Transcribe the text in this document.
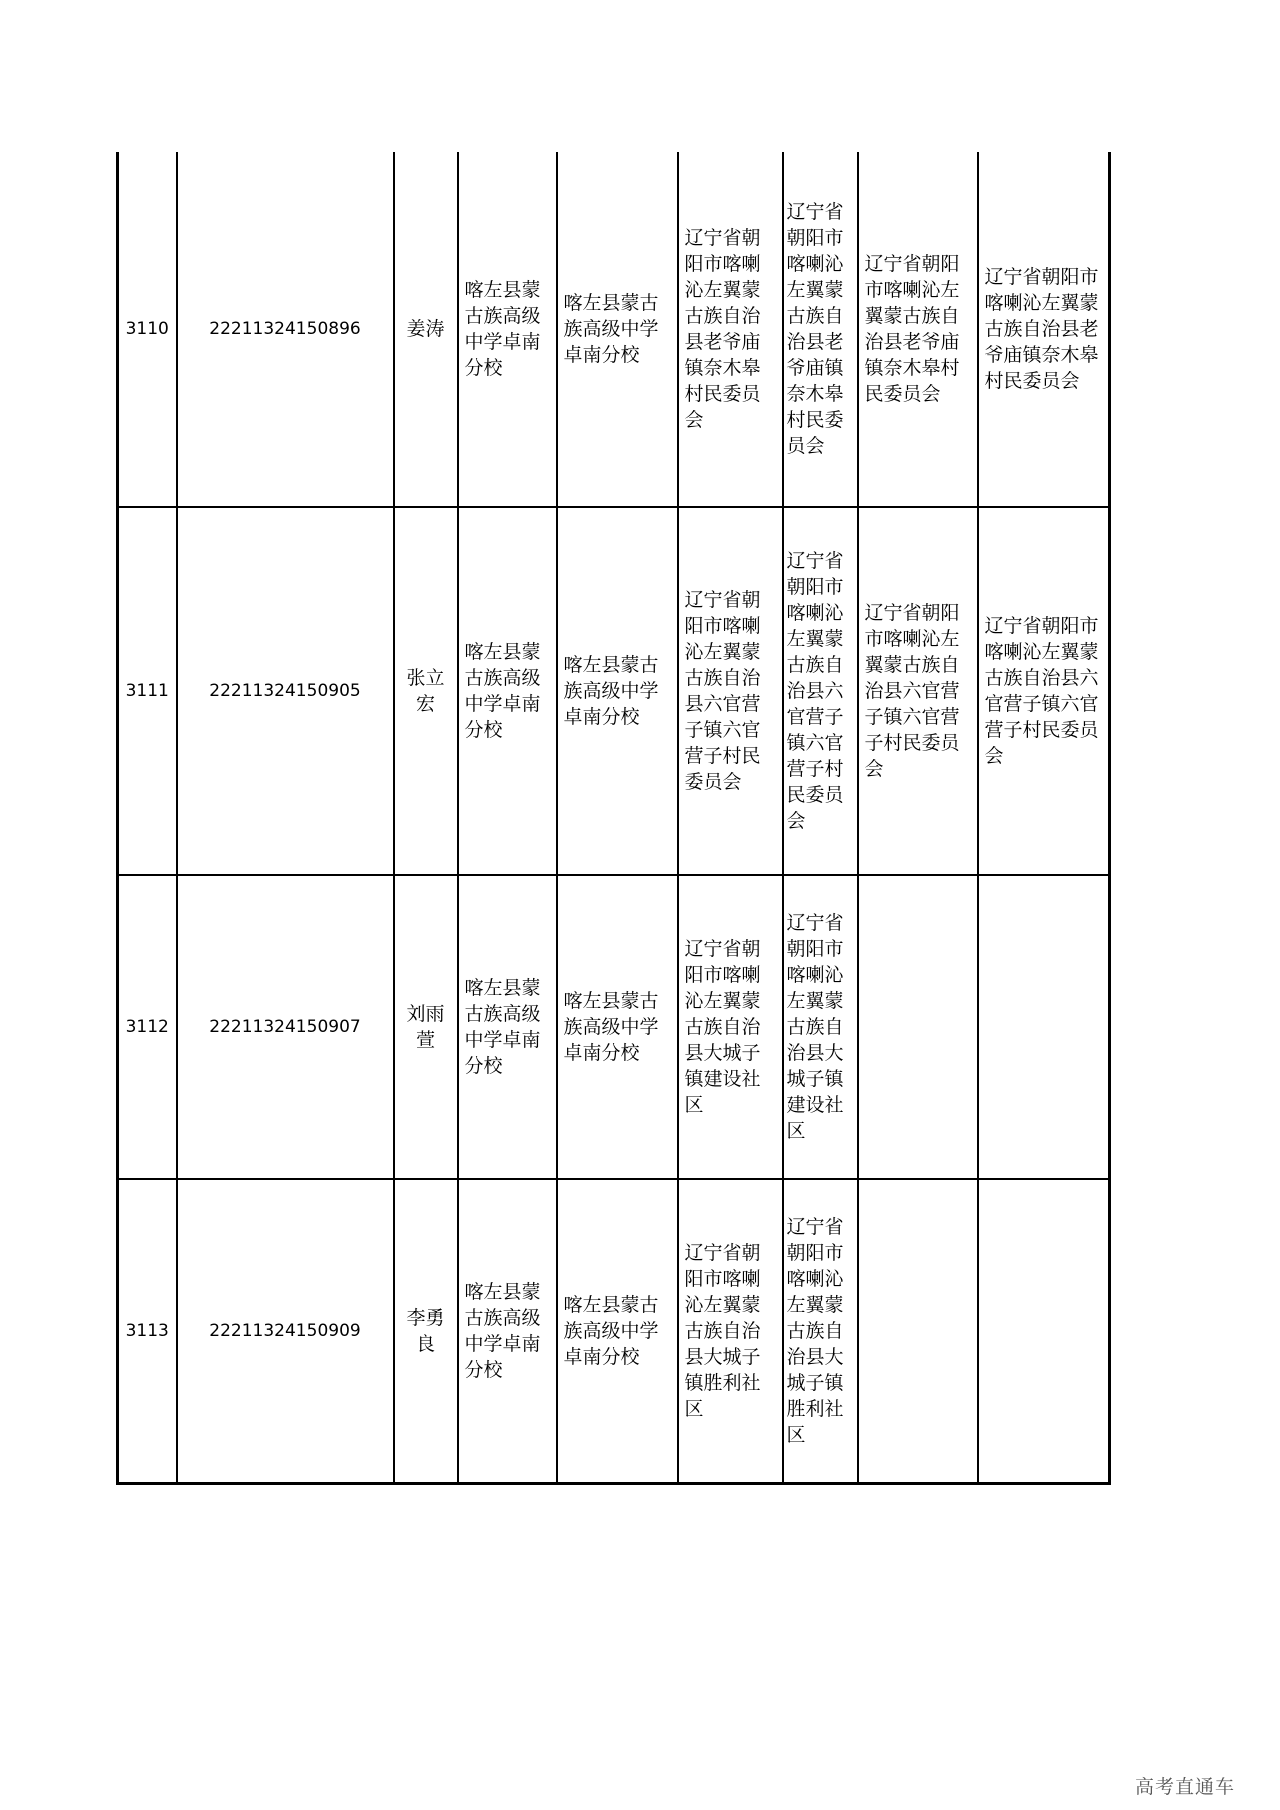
3110	22211324150896	姜涛	喀左县蒙古族高级中学卓南分校	喀左县蒙古族高级中学卓南分校	辽宁省朝阳市喀喇沁左翼蒙古族自治县老爷庙镇奈木皋村民委员会	辽宁省朝阳市喀喇沁左翼蒙古族自治县老爷庙镇奈木皋村民委员会	辽宁省朝阳市喀喇沁左翼蒙古族自治县老爷庙镇奈木皋村民委员会	辽宁省朝阳市喀喇沁左翼蒙古族自治县老爷庙镇奈木皋村民委员会
3111	22211324150905	张立宏	喀左县蒙古族高级中学卓南分校	喀左县蒙古族高级中学卓南分校	辽宁省朝阳市喀喇沁左翼蒙古族自治县六官营子镇六官营子村民委员会	辽宁省朝阳市喀喇沁左翼蒙古族自治县六官营子镇六官营子村民委员会	辽宁省朝阳市喀喇沁左翼蒙古族自治县六官营子镇六官营子村民委员会	辽宁省朝阳市喀喇沁左翼蒙古族自治县六官营子镇六官营子村民委员会
3112	22211324150907	刘雨萱	喀左县蒙古族高级中学卓南分校	喀左县蒙古族高级中学卓南分校	辽宁省朝阳市喀喇沁左翼蒙古族自治县大城子镇建设社区	辽宁省朝阳市喀喇沁左翼蒙古族自治县大城子镇建设社区		
3113	22211324150909	李勇良	喀左县蒙古族高级中学卓南分校	喀左县蒙古族高级中学卓南分校	辽宁省朝阳市喀喇沁左翼蒙古族自治县大城子镇胜利社区	辽宁省朝阳市喀喇沁左翼蒙古族自治县大城子镇胜利社区		
高考直通车
